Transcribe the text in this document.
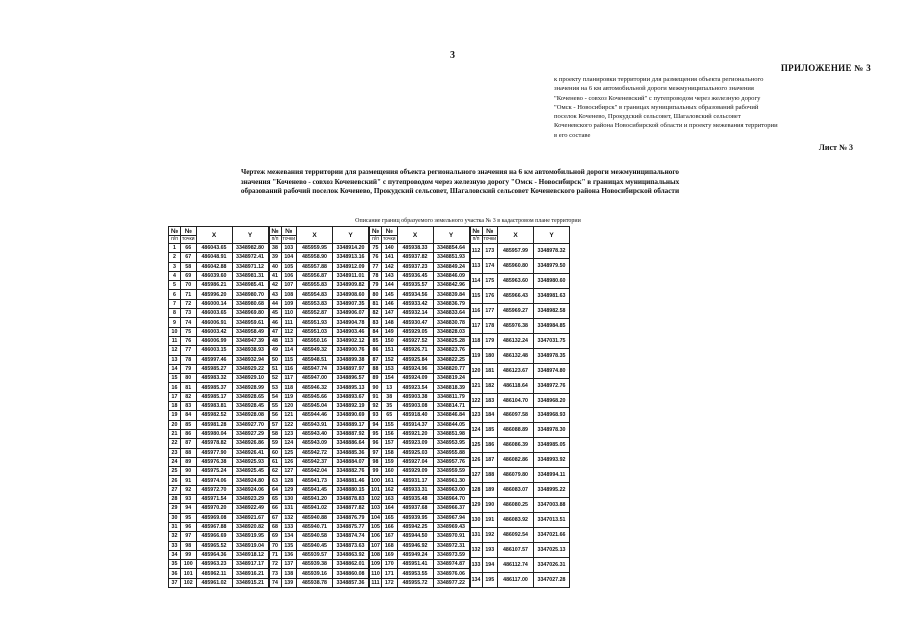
3
ПРИЛОЖЕНИЕ № 3
к проекту планировки территории для размещения объекта регионального
значения на 6 км автомобильной дороги межмуниципального значения
"Коченево - совхоз Коченевский" с путепроводом через железную дорогу
"Омск - Новосибирск" в границах муниципальных образований рабочий
поселок Коченево, Прокудский сельсовет, Шагаловский сельсовет
Коченевского района Новосибирской области и проекту межевания территории
в его составе
Лист № 3
Чертеж межевания территории для размещения объекта регионального значения на 6 км автомобильной дороги межмуниципального
значения "Коченево - совхоз Коченевский" с путепроводом через железную дорогу "Омск - Новосибирск" в границах муниципальных
образований рабочий поселок Коченево, Прокудский сельсовет, Шагаловский сельсовет Коченевского района Новосибирской области
Описание границ образуемого земельного участка № 3 в кадастровом плане территории
№	№	X	Y
п/п	точки		
1	66	486043.65	3348982.80
2	67	486048.91	3348972.41
3	58	486042.88	3348971.12
4	69	486039.60	3348981.31
5	70	485986.21	3348985.41
6	71	485996.20	3348980.70
7	72	486000.14	3348980.68
8	73	486003.65	3348969.80
9	74	486006.91	3348959.61
10	75	486003.42	3348958.49
11	76	486006.99	3348947.39
12	77	486003.15	3348938.93
13	78	485997.46	3348932.94
14	79	485985.27	3348929.22
15	80	485983.32	3348929.10
16	81	485985.37	3348928.99
17	82	485985.17	3348928.65
18	83	485983.81	3348928.45
19	84	485982.52	3348928.08
20	85	485981.28	3348927.70
21	86	485980.04	3348927.29
22	87	485978.82	3348926.86
23	88	485977.90	3348926.41
24	89	485976.38	3348925.93
25	90	485975.24	3348925.45
26	91	485974.06	3348924.80
27	92	485972.70	3348924.06
28	93	485971.54	3348923.29
29	94	485970.20	3348922.49
30	95	485969.08	3348921.67
31	96	485967.88	3348920.82
32	97	485966.69	3348919.95
33	98	485965.52	3348919.04
34	99	485964.36	3348918.12
35	100	485963.23	3348917.17
36	101	485962.11	3348916.21
37	102	485961.02	3348915.21
№	№	X	Y
п/п	точки		
38	103	485959.95	3348914.20
39	104	485958.90	3348913.16
40	105	485957.88	3348912.09
41	106	485956.87	3348911.01
42	107	485955.83	3348909.82
43	108	485954.83	3348908.60
44	109	485953.83	3348907.35
45	110	485952.87	3348906.07
46	111	485951.93	3348904.78
47	112	485951.03	3348903.46
48	113	485950.16	3348902.12
49	114	485949.32	3348900.76
50	115	485948.51	3348899.38
51	116	485947.74	3348897.97
52	117	485947.00	3348896.57
53	118	485946.32	3348895.13
54	119	485945.66	3348893.67
55	120	485945.04	3348892.19
56	121	485944.46	3348890.69
57	122	485943.91	3348889.17
58	123	485943.40	3348887.92
59	124	485943.09	3348886.64
60	125	485942.72	3348885.36
61	126	485942.37	3348884.07
62	127	485942.04	3348882.76
63	128	485941.73	3348881.46
64	129	485941.45	3348880.15
65	130	485941.20	3348878.83
66	131	485941.02	3348877.82
67	132	485940.88	3348876.79
68	133	485940.71	3348875.77
69	134	485940.58	3348874.74
70	135	485940.45	3348873.63
71	136	485939.57	3348863.92
72	137	485939.38	3348862.01
73	138	485939.16	3348860.08
74	139	485938.78	3348857.36
№	№	X	Y
п/п	точки		
75	140	485938.33	3348854.64
76	141	485937.82	3348851.93
77	142	485937.23	3348849.24
78	143	485936.45	3348846.09
79	144	485935.57	3348842.96
80	145	485934.56	3348839.84
81	146	485933.42	3348836.79
82	147	485932.14	3348833.64
83	148	485930.47	3348830.78
84	149	485929.05	3348828.03
85	150	485927.52	3348825.28
86	151	485926.71	3348823.76
87	152	485925.84	3348822.25
88	153	485924.96	3348820.77
89	154	485924.09	3348819.24
90	13	485923.54	3348818.39
91	38	485903.38	3348811.79
92	35	485903.08	3348814.71
93	65	485918.40	3348846.84
94	155	485914.37	3348844.05
95	156	485921.20	3348851.98
96	157	485923.09	3348953.95
97	158	485925.03	3348955.88
98	159	485927.04	3348957.76
99	160	485929.09	3348959.59
100	161	485931.17	3348961.30
101	162	485933.31	3348963.00
102	163	485935.48	3348964.70
103	164	485937.68	3348966.37
104	165	485939.95	3348967.94
105	166	485942.25	3348969.43
106	167	485944.50	3348970.91
107	168	485946.92	3348972.31
108	169	485949.24	3348973.59
109	170	485951.41	3348974.87
110	171	485953.55	3348976.06
111	172	485955.72	3348977.22
№	№	X	Y
п/п	точки		
112	173	485957.99	3348978.32
113	174	485960.80	3348979.50
114	175	485963.60	3348980.60
115	176	485966.43	3348981.63
116	177	485969.27	3348982.58
117	178	485976.38	3348984.85
118	179	486132.24	3347031.75
119	180	486132.48	3348978.35
120	181	486123.67	3348974.80
121	182	486118.64	3348972.76
122	183	486104.70	3348968.20
123	184	486097.58	3348968.93
124	185	486088.89	3348978.30
125	186	486086.39	3348985.05
126	187	486082.86	3348993.92
127	188	486079.80	3348994.11
128	189	486083.07	3348995.22
129	190	486080.25	3347003.88
130	191	486083.92	3347013.51
131	192	486092.54	3347021.66
132	193	486107.57	3347025.13
133	194	486112.74	3347026.31
134	195	486117.00	3347027.28
